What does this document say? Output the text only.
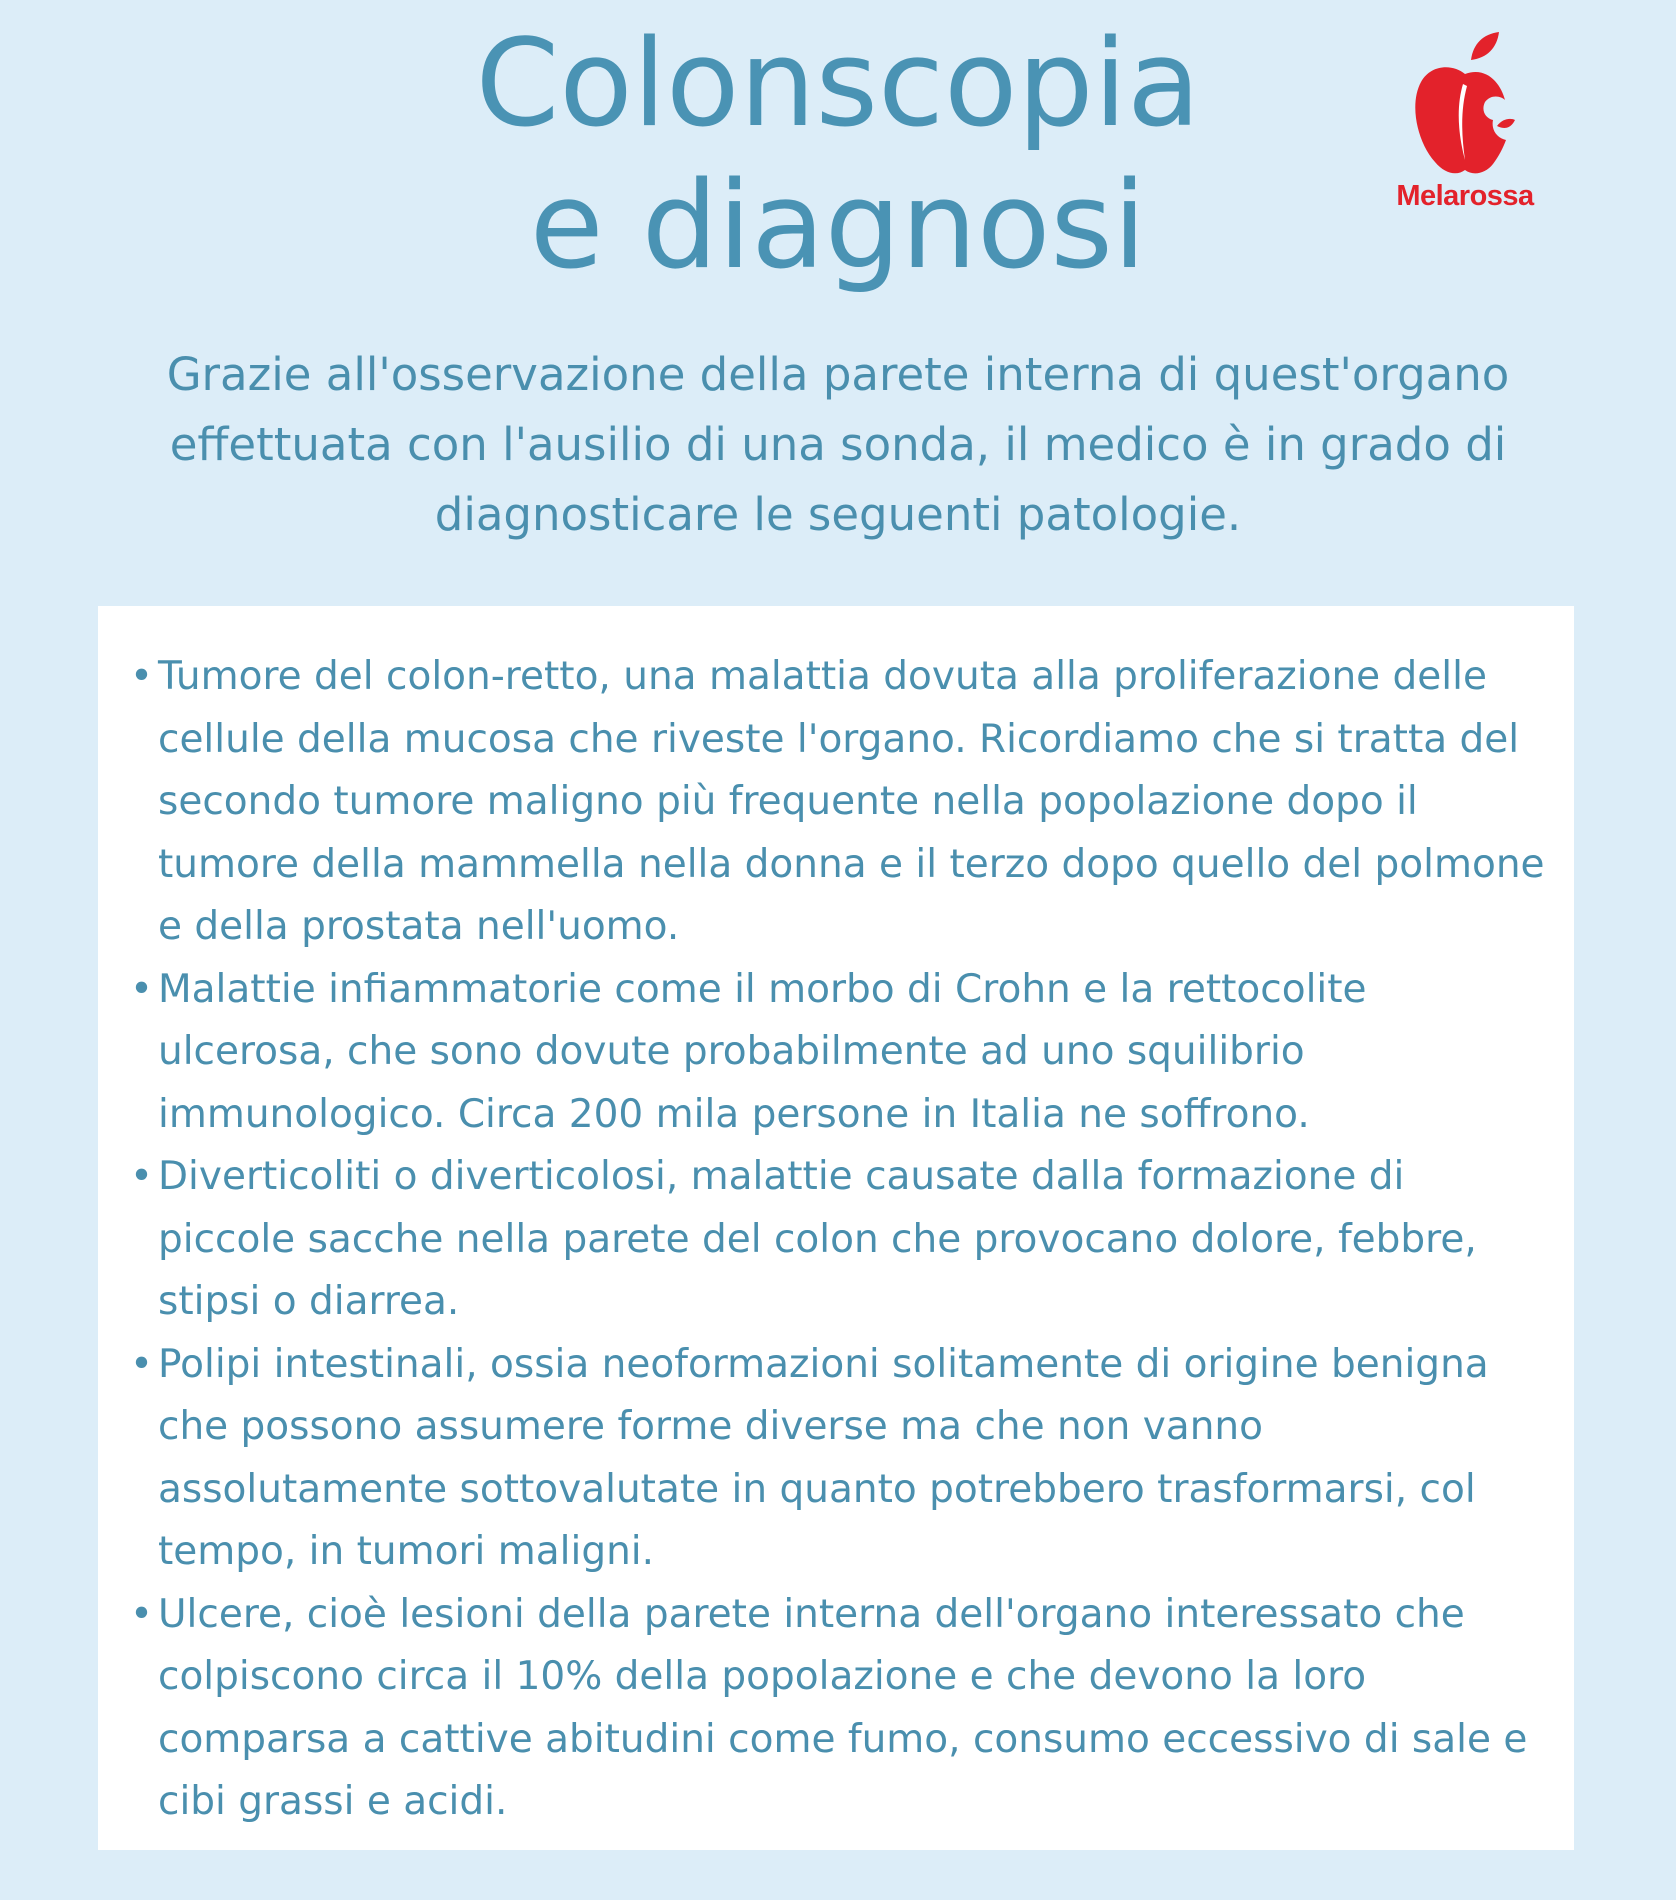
Colonscopia
e diagnosi	Melarossa

Grazie all'osservazione della parete interna di quest'organo effettuata con l'ausilio di una sonda, il medico è in grado di diagnosticare le seguenti patologie.

• Tumore del colon-retto, una malattia dovuta alla proliferazione delle cellule della mucosa che riveste l'organo. Ricordiamo che si tratta del secondo tumore maligno più frequente nella popolazione dopo il tumore della mammella nella donna e il terzo dopo quello del polmone e della prostata nell'uomo.
• Malattie infiammatorie come il morbo di Crohn e la rettocolite ulcerosa, che sono dovute probabilmente ad uno squilibrio immunologico. Circa 200 mila persone in Italia ne soffrono.
• Diverticoliti o diverticolosi, malattie causate dalla formazione di piccole sacche nella parete del colon che provocano dolore, febbre, stipsi o diarrea.
• Polipi intestinali, ossia neoformazioni solitamente di origine benigna che possono assumere forme diverse ma che non vanno assolutamente sottovalutate in quanto potrebbero trasformarsi, col tempo, in tumori maligni.
• Ulcere, cioè lesioni della parete interna dell'organo interessato che colpiscono circa il 10% della popolazione e che devono la loro comparsa a cattive abitudini come fumo, consumo eccessivo di sale e cibi grassi e acidi.
